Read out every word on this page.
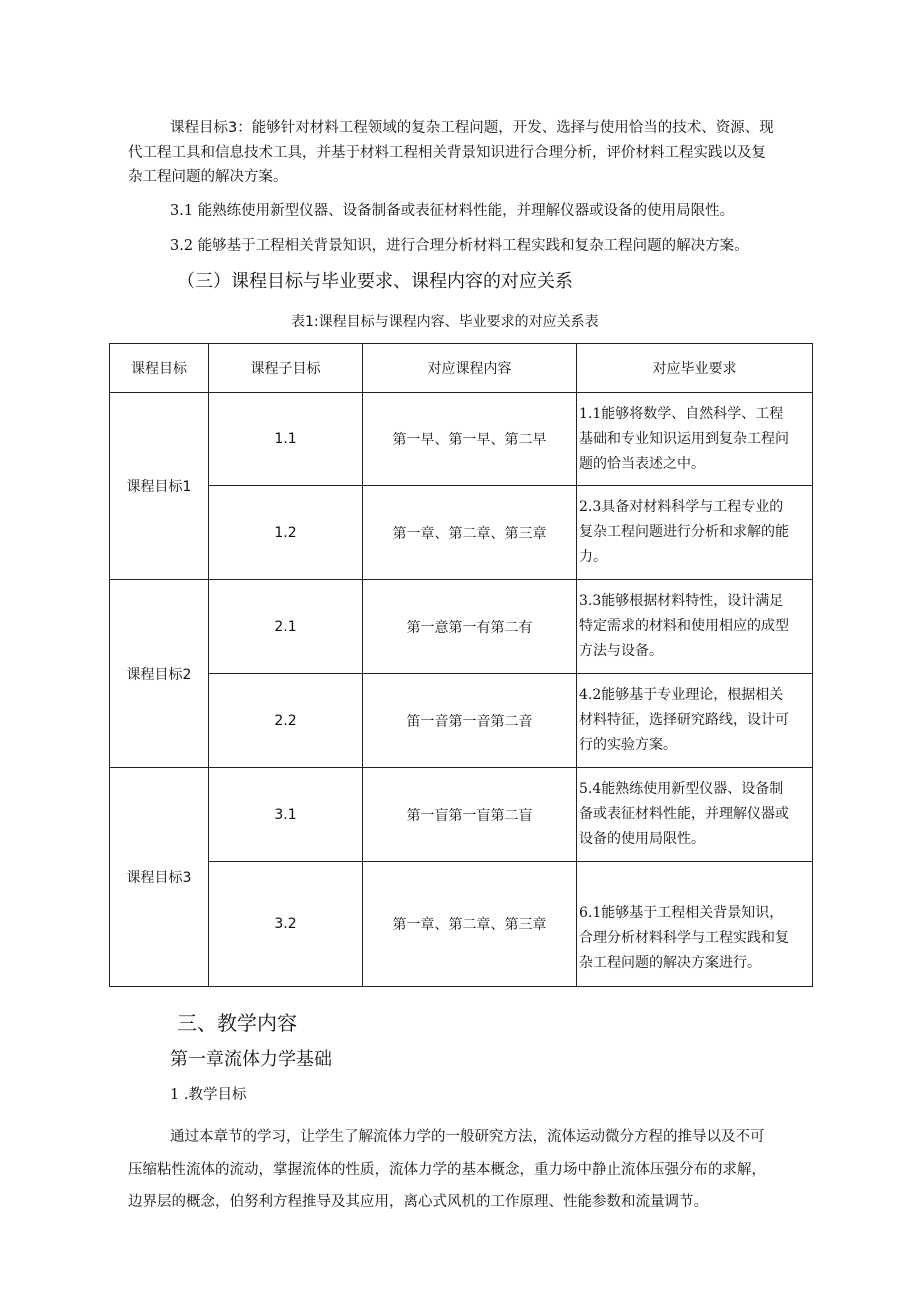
课程目标3：能够针对材料工程领域的复杂工程问题，开发、选择与使用恰当的技术、资源、现
代工程工具和信息技术工具，并基于材料工程相关背景知识进行合理分析，评价材料工程实践以及复
杂工程问题的解决方案。
3.1 能熟练使用新型仪器、设备制备或表征材料性能，并理解仪器或设备的使用局限性。
3.2 能够基于工程相关背景知识，进行合理分析材料工程实践和复杂工程问题的解决方案。
（三）课程目标与毕业要求、课程内容的对应关系
表1:课程目标与课程内容、毕业要求的对应关系表
课程目标	课程子目标	对应课程内容	对应毕业要求
课程目标1	1.1	第一早、第一早、第二早	1.1能够将数学、自然科学、工程
基础和专业知识运用到复杂工程问
题的恰当表述之中。

	1.2	第一章、第二章、第三章	2.3具备对材料科学与工程专业的
复杂工程问题进行分析和求解的能
力。

课程目标2	2.1	第一意第一有第二有	3.3能够根据材料特性，设计满足
特定需求的材料和使用相应的成型
方法与设备。

	2.2	笛一音第一音第二音	4.2能够基于专业理论，根据相关
材料特征，选择研究路线，设计可
行的实验方案。

课程目标3	3.1	第一盲第一盲第二盲	5.4能熟练使用新型仪器、设备制
备或表征材料性能，并理解仪器或
设备的使用局限性。

	3.2	第一章、第二章、第三章	6.1能够基于工程相关背景知识，
合理分析材料科学与工程实践和复
杂工程问题的解决方案进行。
三、教学内容
第一章流体力学基础
1 .教学目标
通过本章节的学习，让学生了解流体力学的一般研究方法，流体运动微分方程的推导以及不可
压缩粘性流体的流动，掌握流体的性质，流体力学的基本概念，重力场中静止流体压强分布的求解，
边界层的概念，伯努利方程推导及其应用，离心式风机的工作原理、性能参数和流量调节。
